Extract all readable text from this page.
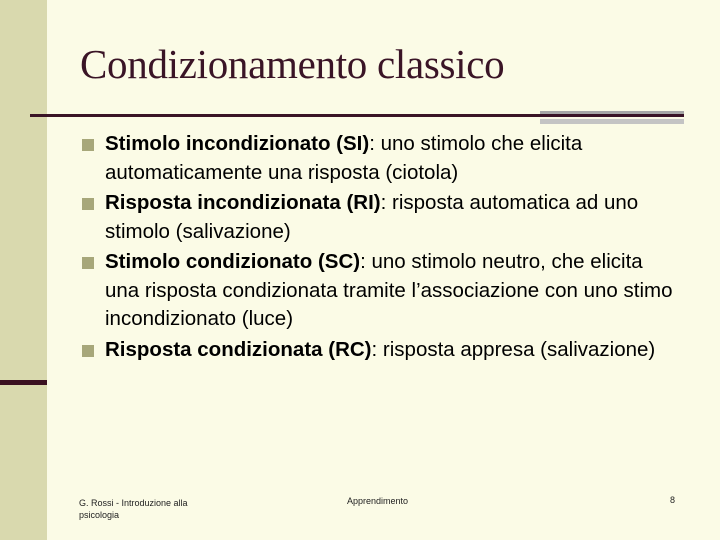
Condizionamento classico
Stimolo incondizionato (SI): uno stimolo che elicita automaticamente una risposta (ciotola)
Risposta incondizionata (RI): risposta automatica ad uno stimolo (salivazione)
Stimolo condizionato (SC): uno stimolo neutro, che elicita una risposta condizionata tramite l’associazione con uno stimo incondizionato (luce)
Risposta condizionata (RC): risposta appresa (salivazione)
G. Rossi - Introduzione alla psicologia
Apprendimento	8
